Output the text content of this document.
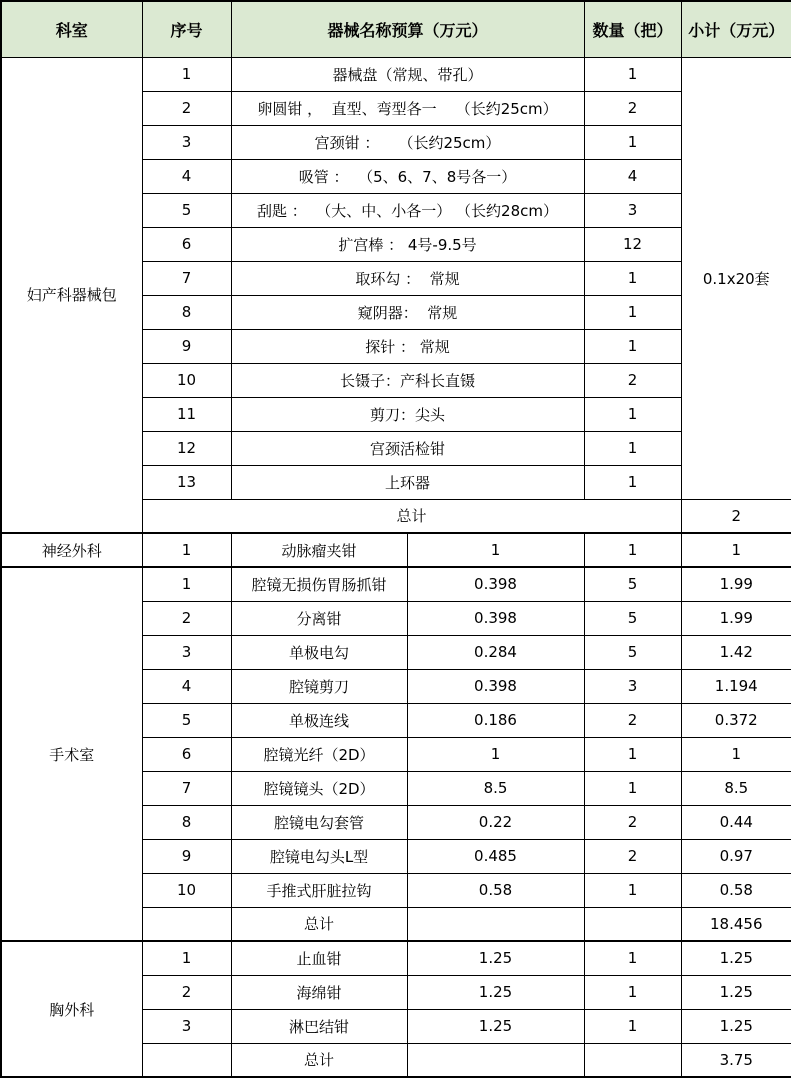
科室	序号	器械名称预算（万元）		数量（把）	小计（万元）
妇产科器械包	1	器械盘（常规、带孔）		1	0.1x20套
	2	卵圆钳 ，  直型、弯型各一    （长约25cm）		2	
	3	宫颈钳 ：    （长约25cm）		1	
	4	吸管 ：  （5、6、7、8号各一）		4	
	5	刮匙 ：  （大、中、小各一） （长约28cm）		3	
	6	扩宫棒 ： 4号-9.5号		12	
	7	取环勾 ：  常规		1	
	8	窥阴器：  常规		1	
	9	探针 ： 常规		1	
	10	长镊子：产科长直镊		2	
	11	剪刀：尖头		1	
	12	宫颈活检钳		1	
	13	上环器		1	
	总计				2
神经外科	1	动脉瘤夹钳	1	1	1
手术室	1	腔镜无损伤胃肠抓钳	0.398	5	1.99
	2	分离钳	0.398	5	1.99
	3	单极电勾	0.284	5	1.42
	4	腔镜剪刀	0.398	3	1.194
	5	单极连线	0.186	2	0.372
	6	腔镜光纤（2D）	1	1	1
	7	腔镜镜头（2D）	8.5	1	8.5
	8	腔镜电勾套管	0.22	2	0.44
	9	腔镜电勾头L型	0.485	2	0.97
	10	手推式肝脏拉钩	0.58	1	0.58
		总计			18.456
胸外科	1	止血钳	1.25	1	1.25
	2	海绵钳	1.25	1	1.25
	3	淋巴结钳	1.25	1	1.25
		总计			3.75
